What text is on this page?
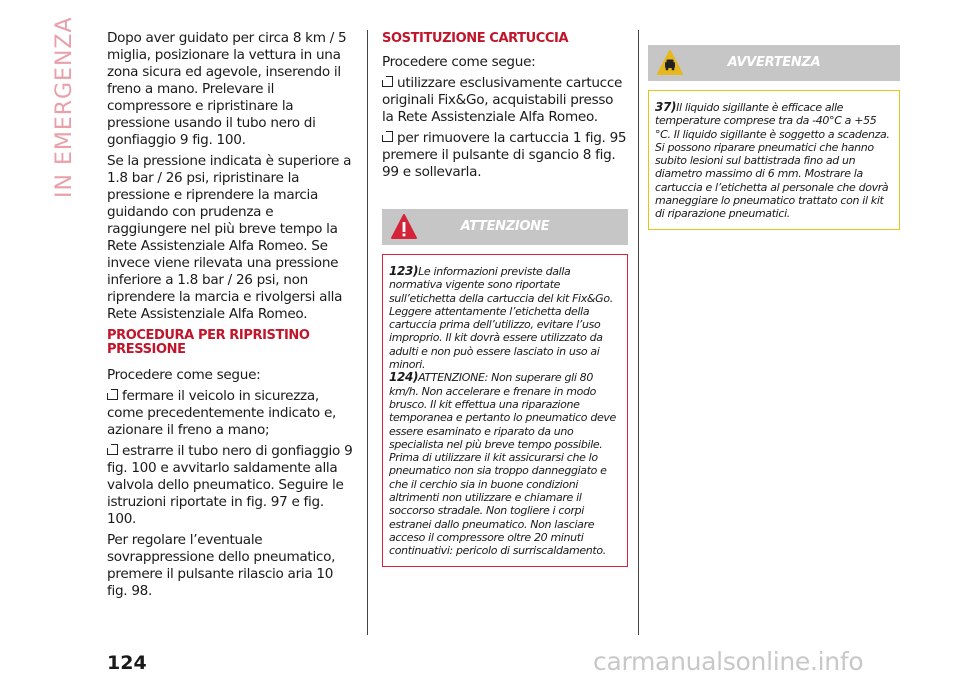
IN EMERGENZA Dopo aver guidato per circa 8 km / 5 miglia, posizionare la vettura in una zona sicura ed agevole, inserendo il freno a mano. Prelevare il compressore e ripristinare la pressione usando il tubo nero di gonfiaggio 9 fig. 100.

Se la pressione indicata è superiore a 1.8 bar / 26 psi, ripristinare la pressione e riprendere la marcia guidando con prudenza e raggiungere nel più breve tempo la Rete Assistenziale Alfa Romeo. Se invece viene rilevata una pressione inferiore a 1.8 bar / 26 psi, non riprendere la marcia e rivolgersi alla Rete Assistenziale Alfa Romeo.

PROCEDURA PER RIPRISTINO PRESSIONE

Procedere come segue:

fermare il veicolo in sicurezza, come precedentemente indicato e, azionare il freno a mano;

estrarre il tubo nero di gonfiaggio 9 fig. 100 e avvitarlo saldamente alla valvola dello pneumatico. Seguire le istruzioni riportate in fig. 97 e fig. 100.

Per regolare l’eventuale sovrappressione dello pneumatico, premere il pulsante rilascio aria 10 fig. 98.

SOSTITUZIONE CARTUCCIA

Procedere come segue:

utilizzare esclusivamente cartucce originali Fix&Go, acquistabili presso la Rete Assistenziale Alfa Romeo.

per rimuovere la cartuccia 1 fig. 95 premere il pulsante di sgancio 8 fig. 99 e sollevarla.

ATTENZIONE

123)Le informazioni previste dalla normativa vigente sono riportate sull’etichetta della cartuccia del kit Fix&Go. Leggere attentamente l’etichetta della cartuccia prima dell’utilizzo, evitare l’uso improprio. Il kit dovrà essere utilizzato da adulti e non può essere lasciato in uso ai minori.

124)ATTENZIONE: Non superare gli 80 km/h. Non accelerare e frenare in modo brusco. Il kit effettua una riparazione temporanea e pertanto lo pneumatico deve essere esaminato e riparato da uno specialista nel più breve tempo possibile. Prima di utilizzare il kit assicurarsi che lo pneumatico non sia troppo danneggiato e che il cerchio sia in buone condizioni altrimenti non utilizzare e chiamare il soccorso stradale. Non togliere i corpi estranei dallo pneumatico. Non lasciare acceso il compressore oltre 20 minuti continuativi: pericolo di surriscaldamento.

AVVERTENZA

37)Il liquido sigillante è efficace alle temperature comprese tra da -40°C a +55 °C. Il liquido sigillante è soggetto a scadenza. Si possono riparare pneumatici che hanno subito lesioni sul battistrada fino ad un diametro massimo di 6 mm. Mostrare la cartuccia e l’etichetta al personale che dovrà maneggiare lo pneumatico trattato con il kit di riparazione pneumatici.

124	carmanualsonline.info
